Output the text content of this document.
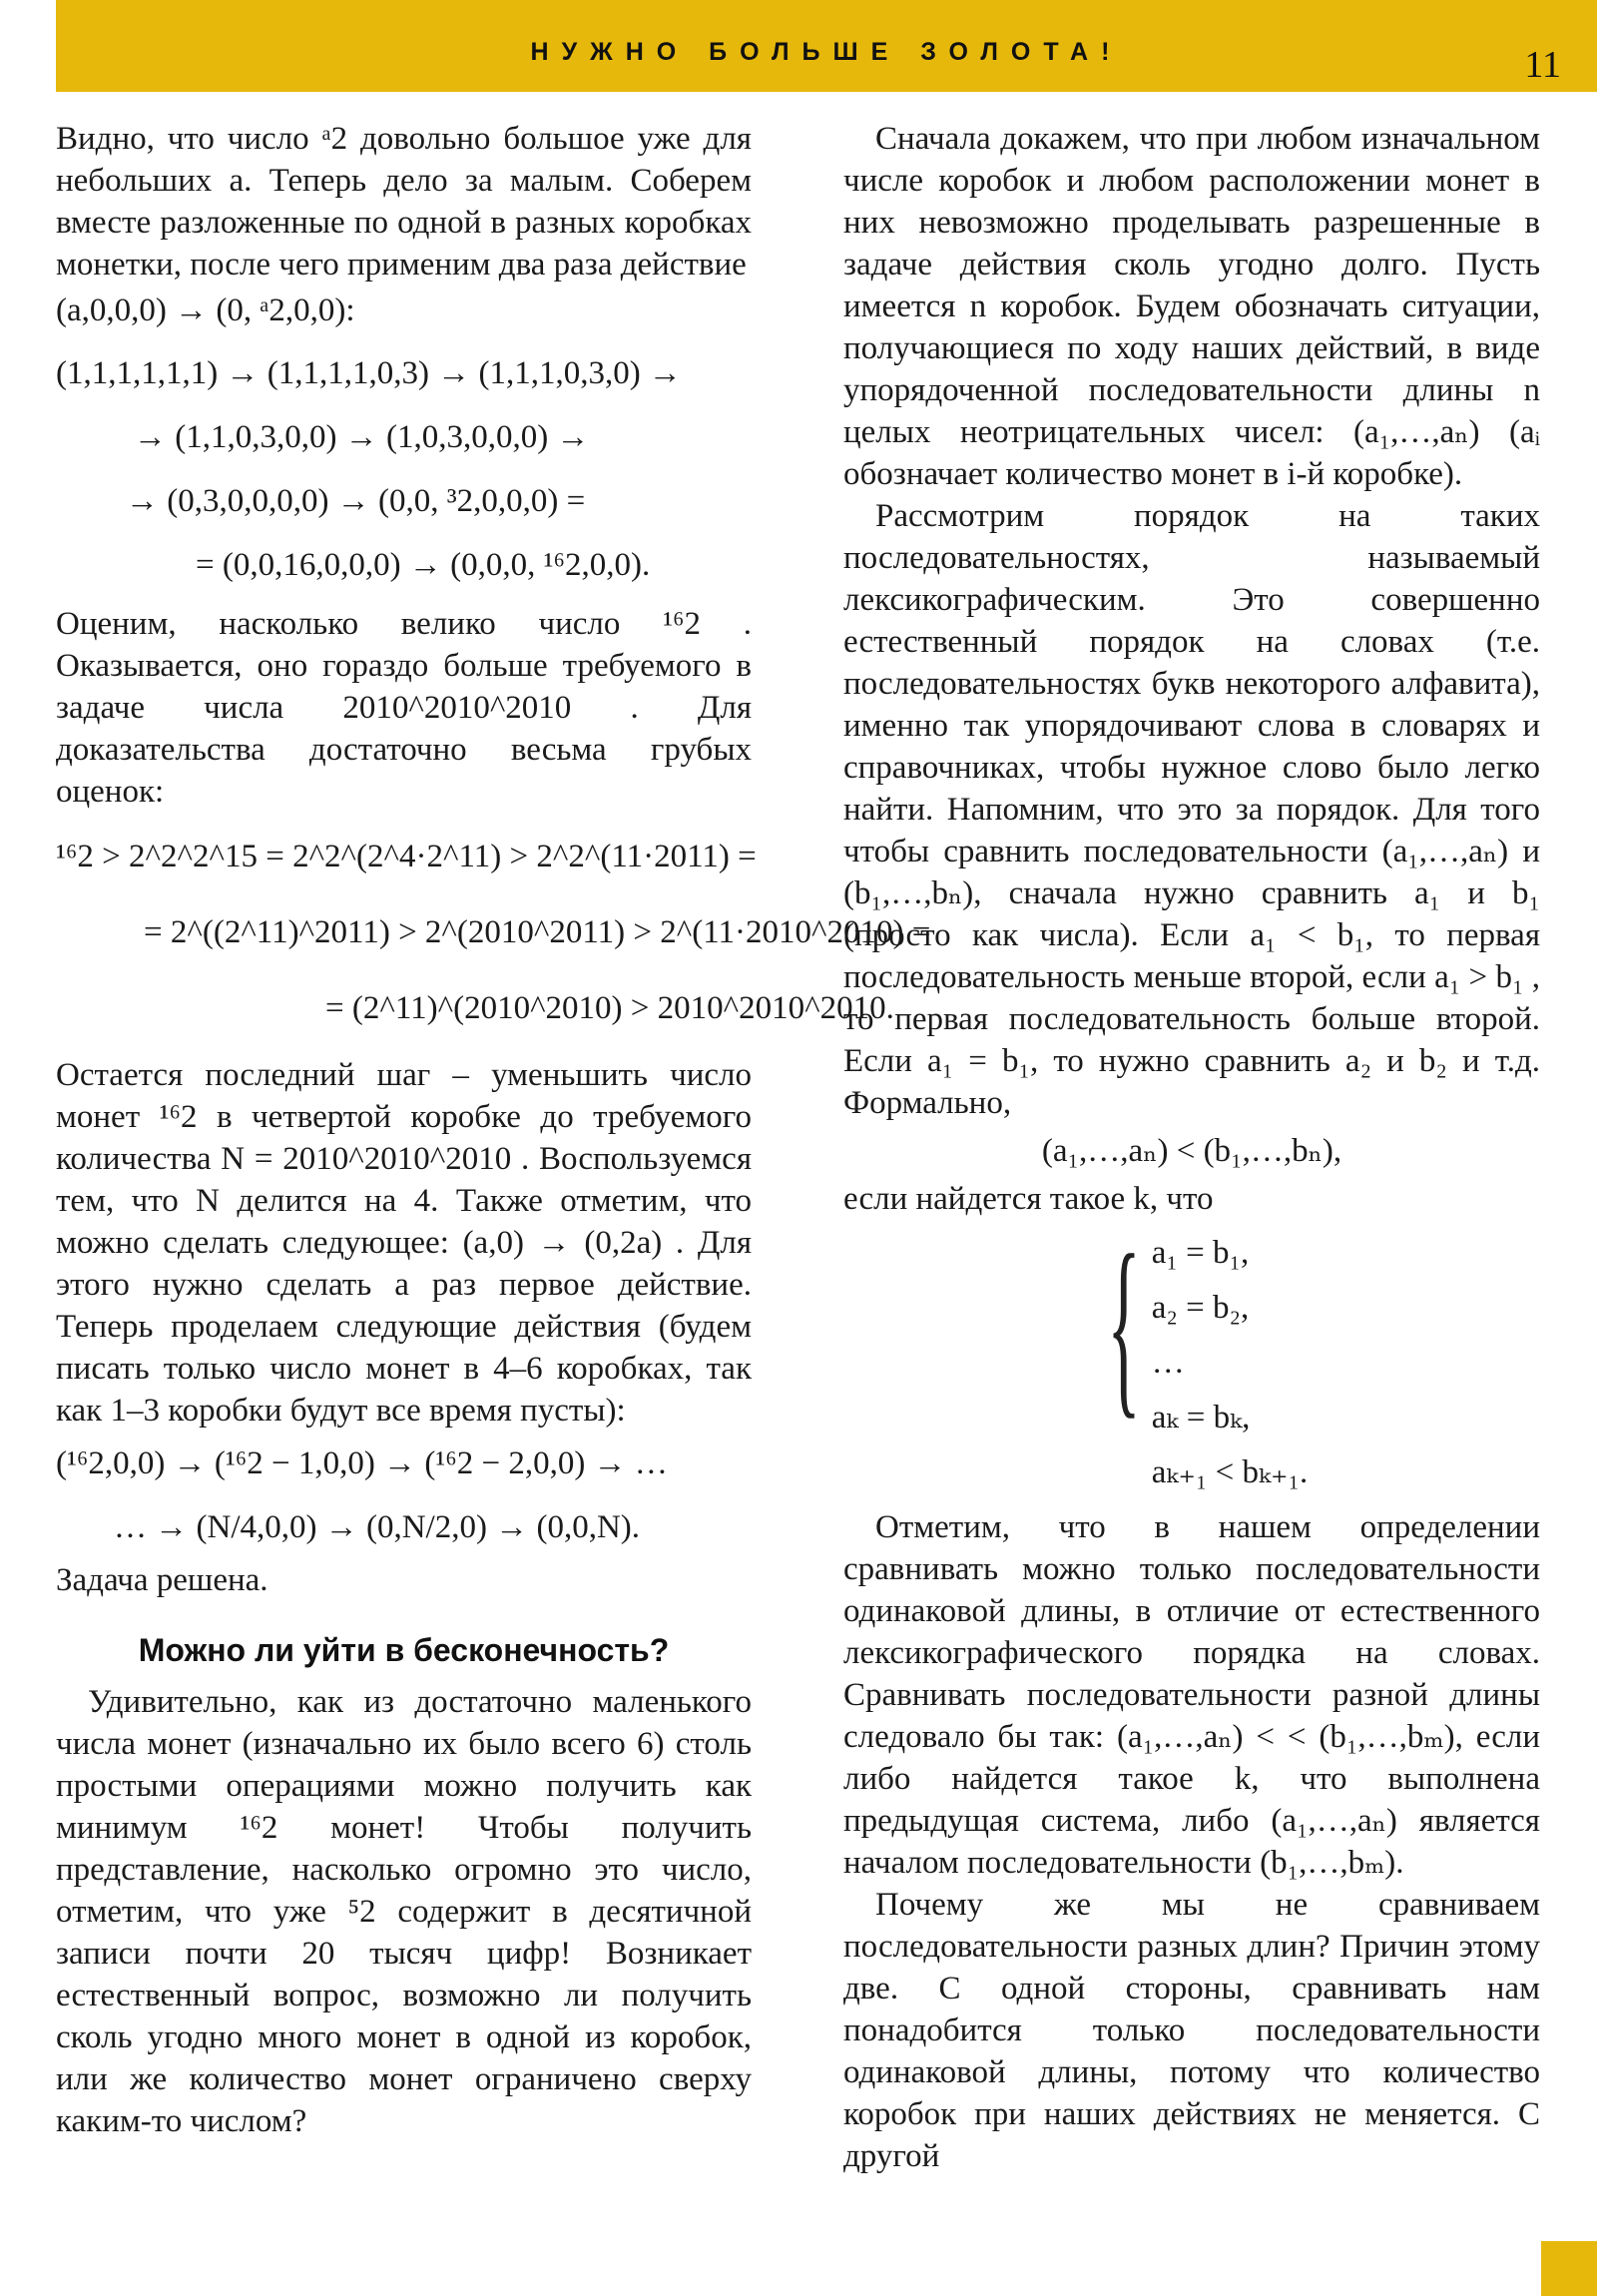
НУЖНО БОЛЬШЕ ЗОЛОТА!	11

Видно, что число ᵃ2 довольно большое уже для небольших a. Теперь дело за малым. Соберем вместе разложенные по одной в разных коробках монетки, после чего применим два раза действие

(a,0,0,0) → (0, ᵃ2,0,0):
(1,1,1,1,1,1) → (1,1,1,1,0,3) → (1,1,1,0,3,0) →
→ (1,1,0,3,0,0) → (1,0,3,0,0,0) →
→ (0,3,0,0,0,0) → (0,0, ³2,0,0,0) =
= (0,0,16,0,0,0) → (0,0,0, ¹⁶2,0,0).

Оценим, насколько велико число ¹⁶2 . Оказывается, оно гораздо больше требуемого в задаче числа 2010^2010^2010 . Для доказательства достаточно весьма грубых оценок:

¹⁶2 > 2^2^2^15 = 2^2^(2^4·2^11) > 2^2^(11·2011) =
= 2^((2^11)^2011) > 2^(2010^2011) > 2^(11·2010^2010) =
= (2^11)^(2010^2010) > 2010^2010^2010.

Остается последний шаг – уменьшить число монет ¹⁶2 в четвертой коробке до требуемого количества N = 2010^2010^2010 . Воспользуемся тем, что N делится на 4. Также отметим, что можно сделать следующее: (a,0) → (0,2a) . Для этого нужно сделать a раз первое действие. Теперь проделаем следующие действия (будем писать только число монет в 4–6 коробках, так как 1–3 коробки будут все время пусты):

(¹⁶2,0,0) → (¹⁶2 − 1,0,0) → (¹⁶2 − 2,0,0) → …
… → (N/4,0,0) → (0,N/2,0) → (0,0,N).

Задача решена.

Можно ли уйти в бесконечность?

Удивительно, как из достаточно маленького числа монет (изначально их было всего 6) столь простыми операциями можно получить как минимум ¹⁶2 монет! Чтобы получить представление, насколько огромно это число, отметим, что уже ⁵2 содержит в десятичной записи почти 20 тысяч цифр! Возникает естественный вопрос, возможно ли получить сколь угодно много монет в одной из коробок, или же количество монет ограничено сверху каким-то числом?

Сначала докажем, что при любом изначальном числе коробок и любом расположении монет в них невозможно проделывать разрешенные в задаче действия сколь угодно долго. Пусть имеется n коробок. Будем обозначать ситуации, получающиеся по ходу наших действий, в виде упорядоченной последовательности длины n целых неотрицательных чисел: (a₁,…,aₙ) (aᵢ обозначает количество монет в i-й коробке).

Рассмотрим порядок на таких последовательностях, называемый лексикографическим. Это совершенно естественный порядок на словах (т.е. последовательностях букв некоторого алфавита), именно так упорядочивают слова в словарях и справочниках, чтобы нужное слово было легко найти. Напомним, что это за порядок. Для того чтобы сравнить последовательности (a₁,…,aₙ) и (b₁,…,bₙ), сначала нужно сравнить a₁ и b₁ (просто как числа). Если a₁ < b₁, то первая последовательность меньше второй, если a₁ > b₁ , то первая последовательность больше второй. Если a₁ = b₁, то нужно сравнить a₂ и b₂ и т.д. Формально,

(a₁,…,aₙ) < (b₁,…,bₙ),

если найдется такое k, что

{ a₁ = b₁,
a₂ = b₂,
…
aₖ = bₖ,
aₖ₊₁ < bₖ₊₁.

Отметим, что в нашем определении сравнивать можно только последовательности одинаковой длины, в отличие от естественного лексикографического порядка на словах. Сравнивать последовательности разной длины следовало бы так: (a₁,…,aₙ) < < (b₁,…,bₘ), если либо найдется такое k, что выполнена предыдущая система, либо (a₁,…,aₙ) является началом последовательности (b₁,…,bₘ).

Почему же мы не сравниваем последовательности разных длин? Причин этому две. С одной стороны, сравнивать нам понадобится только последовательности одинаковой длины, потому что количество коробок при наших действиях не меняется. С другой
